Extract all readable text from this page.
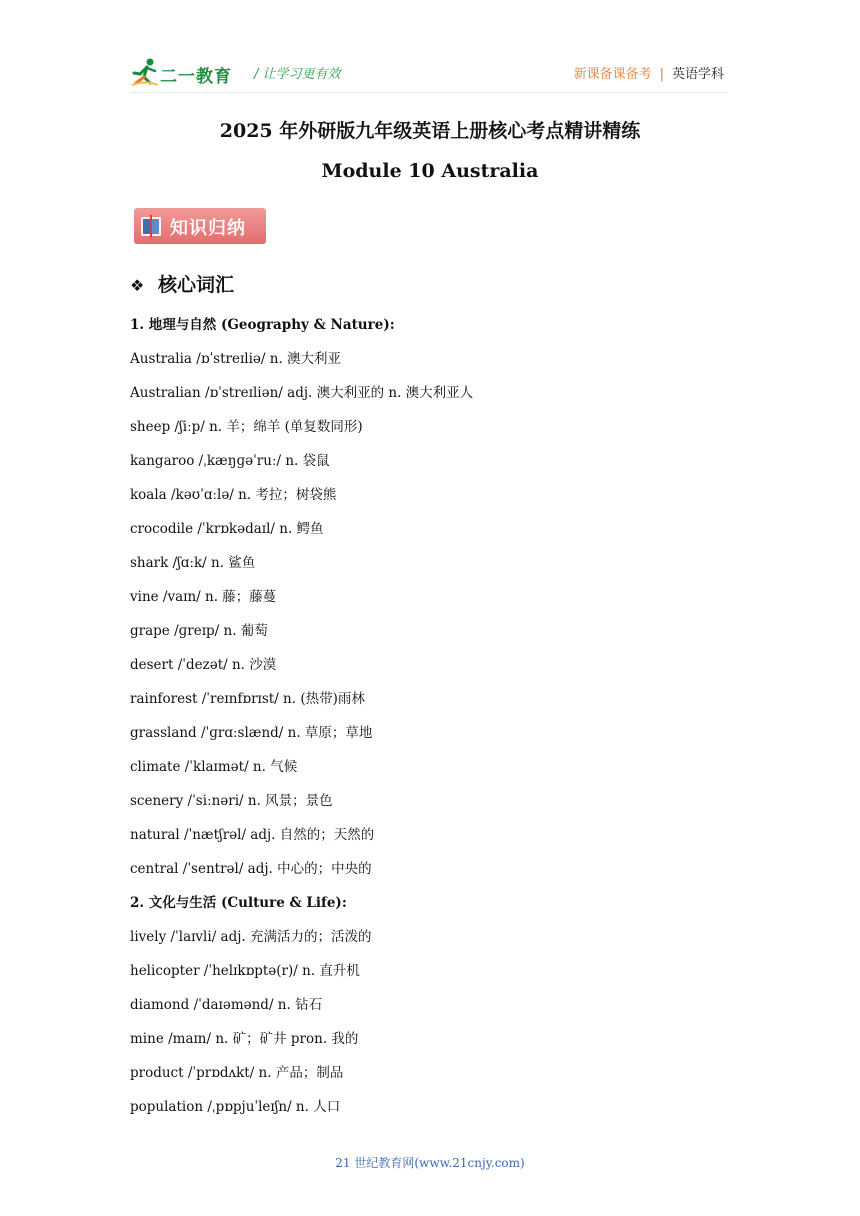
二一教育 / 让学习更有效	新课备课备考 | 英语学科
2025 年外研版九年级英语上册核心考点精讲精练
Module 10 Australia
知识归纳
❖ 核心词汇
1. 地理与自然 (Geography & Nature):
Australia /ɒˈstreɪliə/ n. 澳大利亚
Australian /ɒˈstreɪliən/ adj. 澳大利亚的 n. 澳大利亚人
sheep /ʃiːp/ n. 羊；绵羊 (单复数同形)
kangaroo /ˌkæŋɡəˈruː/ n. 袋鼠
koala /kəʊˈɑːlə/ n. 考拉；树袋熊
crocodile /ˈkrɒkədaɪl/ n. 鳄鱼
shark /ʃɑːk/ n. 鲨鱼
vine /vaɪn/ n. 藤；藤蔓
grape /ɡreɪp/ n. 葡萄
desert /ˈdezət/ n. 沙漠
rainforest /ˈreɪnfɒrɪst/ n. (热带)雨林
grassland /ˈɡrɑːslænd/ n. 草原；草地
climate /ˈklaɪmət/ n. 气候
scenery /ˈsiːnəri/ n. 风景；景色
natural /ˈnætʃrəl/ adj. 自然的；天然的
central /ˈsentrəl/ adj. 中心的；中央的
2. 文化与生活 (Culture & Life):
lively /ˈlaɪvli/ adj. 充满活力的；活泼的
helicopter /ˈhelɪkɒptə(r)/ n. 直升机
diamond /ˈdaɪəmənd/ n. 钻石
mine /maɪn/ n. 矿；矿井 pron. 我的
product /ˈprɒdʌkt/ n. 产品；制品
population /ˌpɒpjuˈleɪʃn/ n. 人口
21 世纪教育网(www.21cnjy.com)
